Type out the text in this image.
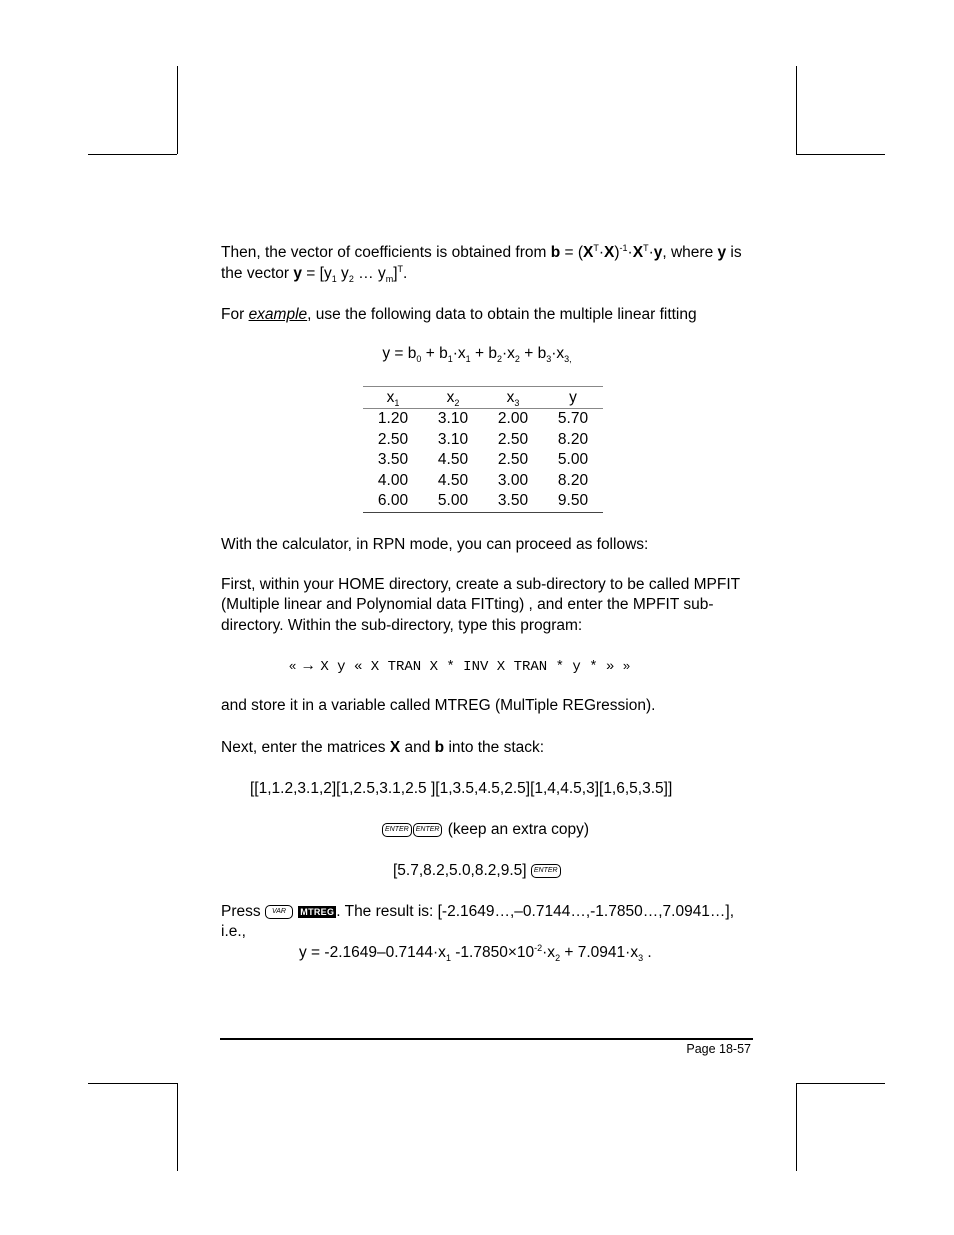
Then, the vector of coefficients is obtained from $b = (X^T\cdot X)^{-1}\cdot X^T\cdot y$, where y is
the vector $y = [y_1$ $y_2$ … $y_m]^T$.
For example, use the following data to obtain the multiple linear fitting
$y = b_0 + b_1\cdot x_1 + b_2\cdot x_2 + b_3\cdot x_{3,}$
$x_1$	$x_2$	$x_3$	y
1.20	3.10	2.00	5.70
2.50	3.10	2.50	8.20
3.50	4.50	2.50	5.00
4.00	4.50	3.00	8.20
6.00	5.00	3.50	9.50
With the calculator, in RPN mode, you can proceed as follows:
First, within your HOME directory, create a sub-directory to be called MPFIT
(Multiple linear and Polynomial data FITting) , and enter the MPFIT sub-
directory. Within the sub-directory, type this program:
« → X y « X TRAN X * INV X TRAN * y * » »
and store it in a variable called MTREG (MulTiple REGression).
Next, enter the matrices X and b into the stack:
[[1,1.2,3.1,2][1,2.5,3.1,2.5 ][1,3.5,4.5,2.5][1,4,4.5,3][1,6,5,3.5]]
ENTER ENTER (keep an extra copy)
[5.7,8.2,5.0,8.2,9.5] ENTER
Press VAR MTREG . The result is: [-2.1649…,–0.7144…,-1.7850…,7.0941…],
i.e.,
$y = -2.1649-0.7144\cdot x_1$ $-1.7850\times 10^{-2}\cdot x_2 + 7.0941\cdot x_3$ .
Page 18-57
